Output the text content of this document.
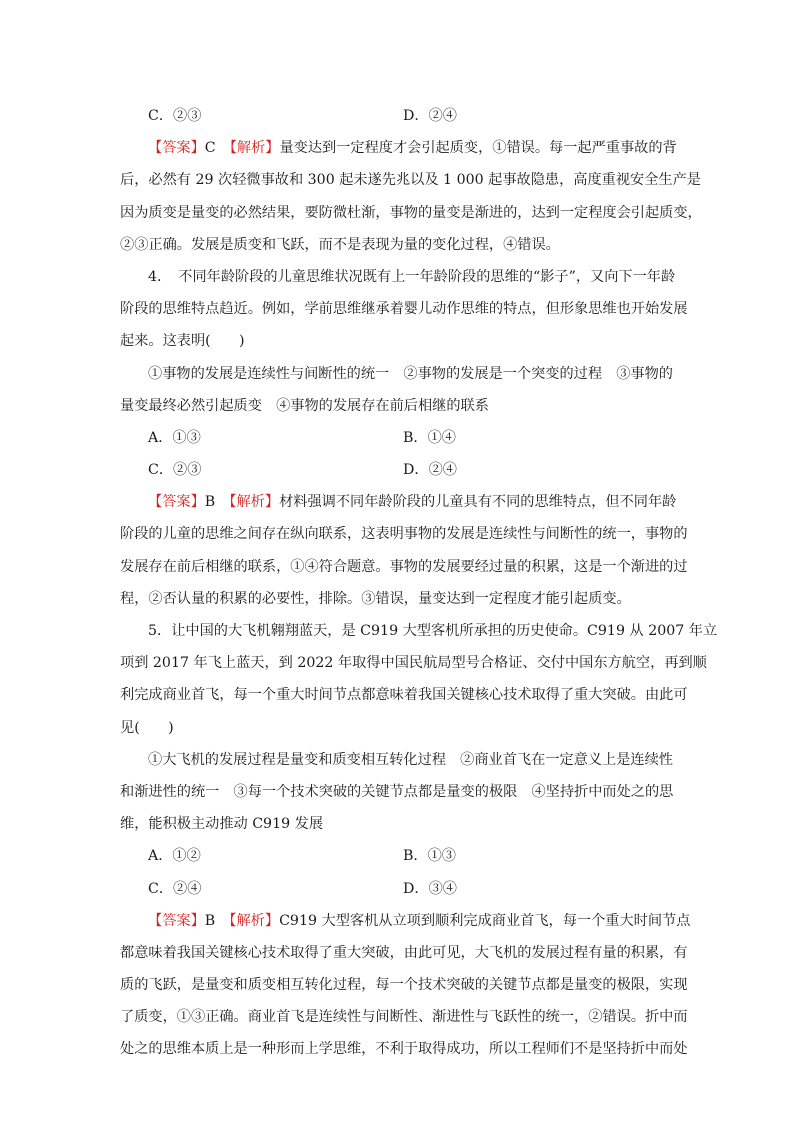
C．②③	D．②④
【答案】C　 【解析】量变达到一定程度才会引起质变，①错误。每一起严重事故的背
后，必然有 29 次轻微事故和 300 起未遂先兆以及 1 000 起事故隐患，高度重视安全生产是
因为质变是量变的必然结果，要防微杜渐，事物的量变是渐进的，达到一定程度会引起质变，
②③正确。发展是质变和飞跃，而不是表现为量的变化过程，④错误。
4．　不同年龄阶段的儿童思维状况既有上一年龄阶段的思维的“影子”，又向下一年龄
阶段的思维特点趋近。例如，学前思维继承着婴儿动作思维的特点，但形象思维也开始发展
起来。这表明(　　)
①事物的发展是连续性与间断性的统一　②事物的发展是一个突变的过程　③事物的
量变最终必然引起质变　④事物的发展存在前后相继的联系
A．①③	B．①④
C．②③	D．②④
【答案】B　 【解析】材料强调不同年龄阶段的儿童具有不同的思维特点，但不同年龄
阶段的儿童的思维之间存在纵向联系，这表明事物的发展是连续性与间断性的统一，事物的
发展存在前后相继的联系，①④符合题意。事物的发展要经过量的积累，这是一个渐进的过
程，②否认量的积累的必要性，排除。③错误，量变达到一定程度才能引起质变。
5．让中国的大飞机翱翔蓝天，是 C919 大型客机所承担的历史使命。C919 从 2007 年立
项到 2017 年飞上蓝天，到 2022 年取得中国民航局型号合格证、交付中国东方航空，再到顺
利完成商业首飞，每一个重大时间节点都意味着我国关键核心技术取得了重大突破。由此可
见(　　)
①大飞机的发展过程是量变和质变相互转化过程　②商业首飞在一定意义上是连续性
和渐进性的统一　③每一个技术突破的关键节点都是量变的极限　④坚持折中而处之的思
维，能积极主动推动 C919 发展
A．①②	B．①③
C．②④	D．③④
【答案】B　 【解析】C919 大型客机从立项到顺利完成商业首飞，每一个重大时间节点
都意味着我国关键核心技术取得了重大突破，由此可见，大飞机的发展过程有量的积累，有
质的飞跃，是量变和质变相互转化过程，每一个技术突破的关键节点都是量变的极限，实现
了质变，①③正确。商业首飞是连续性与间断性、渐进性与飞跃性的统一，②错误。折中而
处之的思维本质上是一种形而上学思维，不利于取得成功，所以工程师们不是坚持折中而处
